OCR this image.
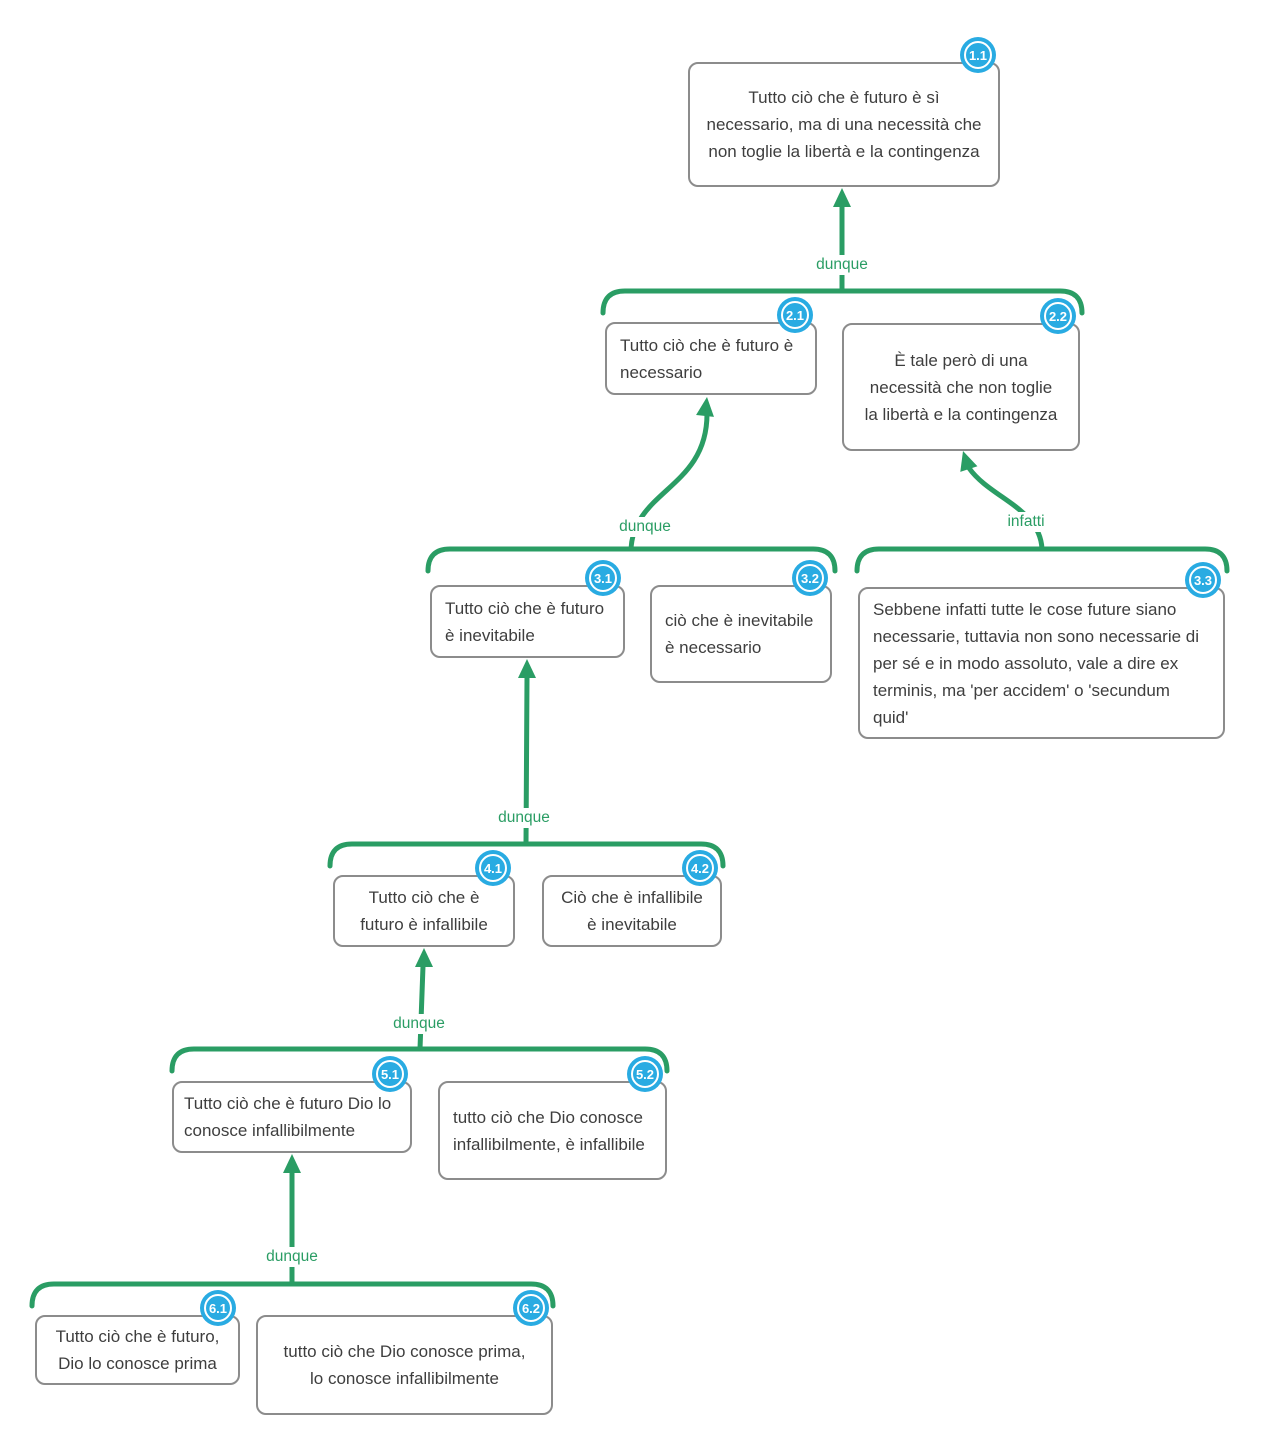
dunque
dunque	infatti
dunque
dunque
dunque
1.1
Tutto ciò che è futuro è sì necessario, ma di una necessità che non toglie la libertà e la contingenza
2.1
Tutto ciò che è futuro è necessario
2.2
È tale però di una necessità che non toglie la libertà e la contingenza
3.1
Tutto ciò che è futuro è inevitabile
3.2
ciò che è inevitabile è necessario
3.3
Sebbene infatti tutte le cose future siano necessarie, tuttavia non sono necessarie di per sé e in modo assoluto, vale a dire ex terminis, ma 'per accidem' o 'secundum quid'
4.1
Tutto ciò che è futuro è infallibile
4.2
Ciò che è infallibile è inevitabile
5.1
Tutto ciò che è futuro Dio lo conosce infallibilmente
5.2
tutto ciò che Dio conosce infallibilmente, è infallibile
6.1
Tutto ciò che è futuro, Dio lo conosce prima
6.2
tutto ciò che Dio conosce prima, lo conosce infallibilmente
